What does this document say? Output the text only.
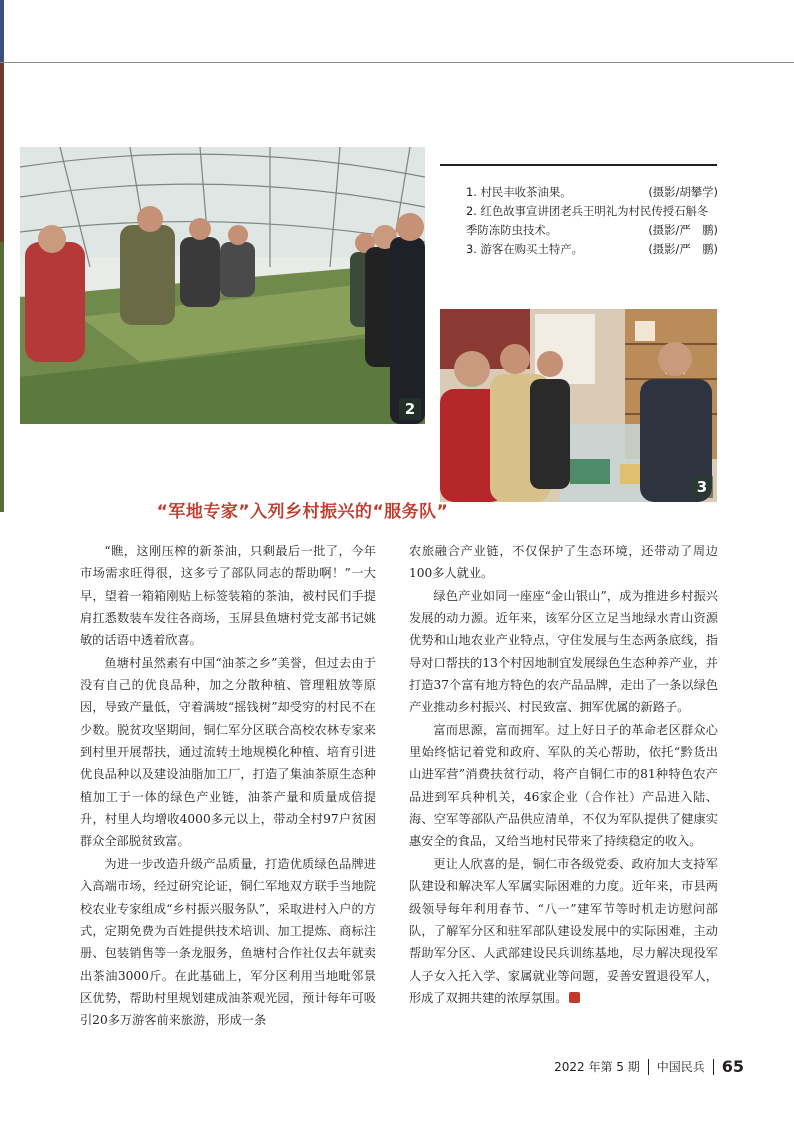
2
3
1. 村民丰收茶油果。	(摄影/胡攀学)
2. 红色故事宣讲团老兵王明礼为村民传授石斛冬
季防冻防虫技术。	(摄影/严　鹏)
3. 游客在购买土特产。	(摄影/严　鹏)
“军地专家”入列乡村振兴的“服务队”

“瞧，这刚压榨的新茶油，只剩最后一批了，今年市场需求旺得很，这多亏了部队同志的帮助啊！”一大早，望着一箱箱刚贴上标签装箱的茶油，被村民们手提肩扛悉数装车发往各商场，玉屏县鱼塘村党支部书记姚敏的话语中透着欣喜。

鱼塘村虽然素有中国“油茶之乡”美誉，但过去由于没有自己的优良品种，加之分散种植、管理粗放等原因，导致产量低，守着满坡“摇钱树”却受穷的村民不在少数。脱贫攻坚期间，铜仁军分区联合高校农林专家来到村里开展帮扶，通过流转土地规模化种植、培育引进优良品种以及建设油脂加工厂，打造了集油茶原生态种植加工于一体的绿色产业链，油茶产量和质量成倍提升，村里人均增收4000多元以上，带动全村97户贫困群众全部脱贫致富。

为进一步改造升级产品质量，打造优质绿色品牌进入高端市场，经过研究论证，铜仁军地双方联手当地院校农业专家组成“乡村振兴服务队”，采取进村入户的方式，定期免费为百姓提供技术培训、加工提炼、商标注册、包装销售等一条龙服务，鱼塘村合作社仅去年就卖出茶油3000斤。在此基础上，军分区利用当地毗邻景区优势，帮助村里规划建成油茶观光园，预计每年可吸引20多万游客前来旅游，形成一条

农旅融合产业链，不仅保护了生态环境，还带动了周边100多人就业。

绿色产业如同一座座“金山银山”，成为推进乡村振兴发展的动力源。近年来，该军分区立足当地绿水青山资源优势和山地农业产业特点，守住发展与生态两条底线，指导对口帮扶的13个村因地制宜发展绿色生态种养产业，并打造37个富有地方特色的农产品品牌，走出了一条以绿色产业推动乡村振兴、村民致富、拥军优属的新路子。

富而思源，富而拥军。过上好日子的革命老区群众心里始终惦记着党和政府、军队的关心帮助，依托“黔货出山进军营”消费扶贫行动，将产自铜仁市的81种特色农产品进到军兵种机关，46家企业（合作社）产品进入陆、海、空军等部队产品供应清单，不仅为军队提供了健康实惠安全的食品，又给当地村民带来了持续稳定的收入。

更让人欣喜的是，铜仁市各级党委、政府加大支持军队建设和解决军人军属实际困难的力度。近年来，市县两级领导每年利用春节、“八一”建军节等时机走访慰问部队，了解军分区和驻军部队建设发展中的实际困难，主动帮助军分区、人武部建设民兵训练基地，尽力解决现役军人子女入托入学、家属就业等问题，妥善安置退役军人，形成了双拥共建的浓厚氛围。

2022 年第 5 期 中国民兵 65
